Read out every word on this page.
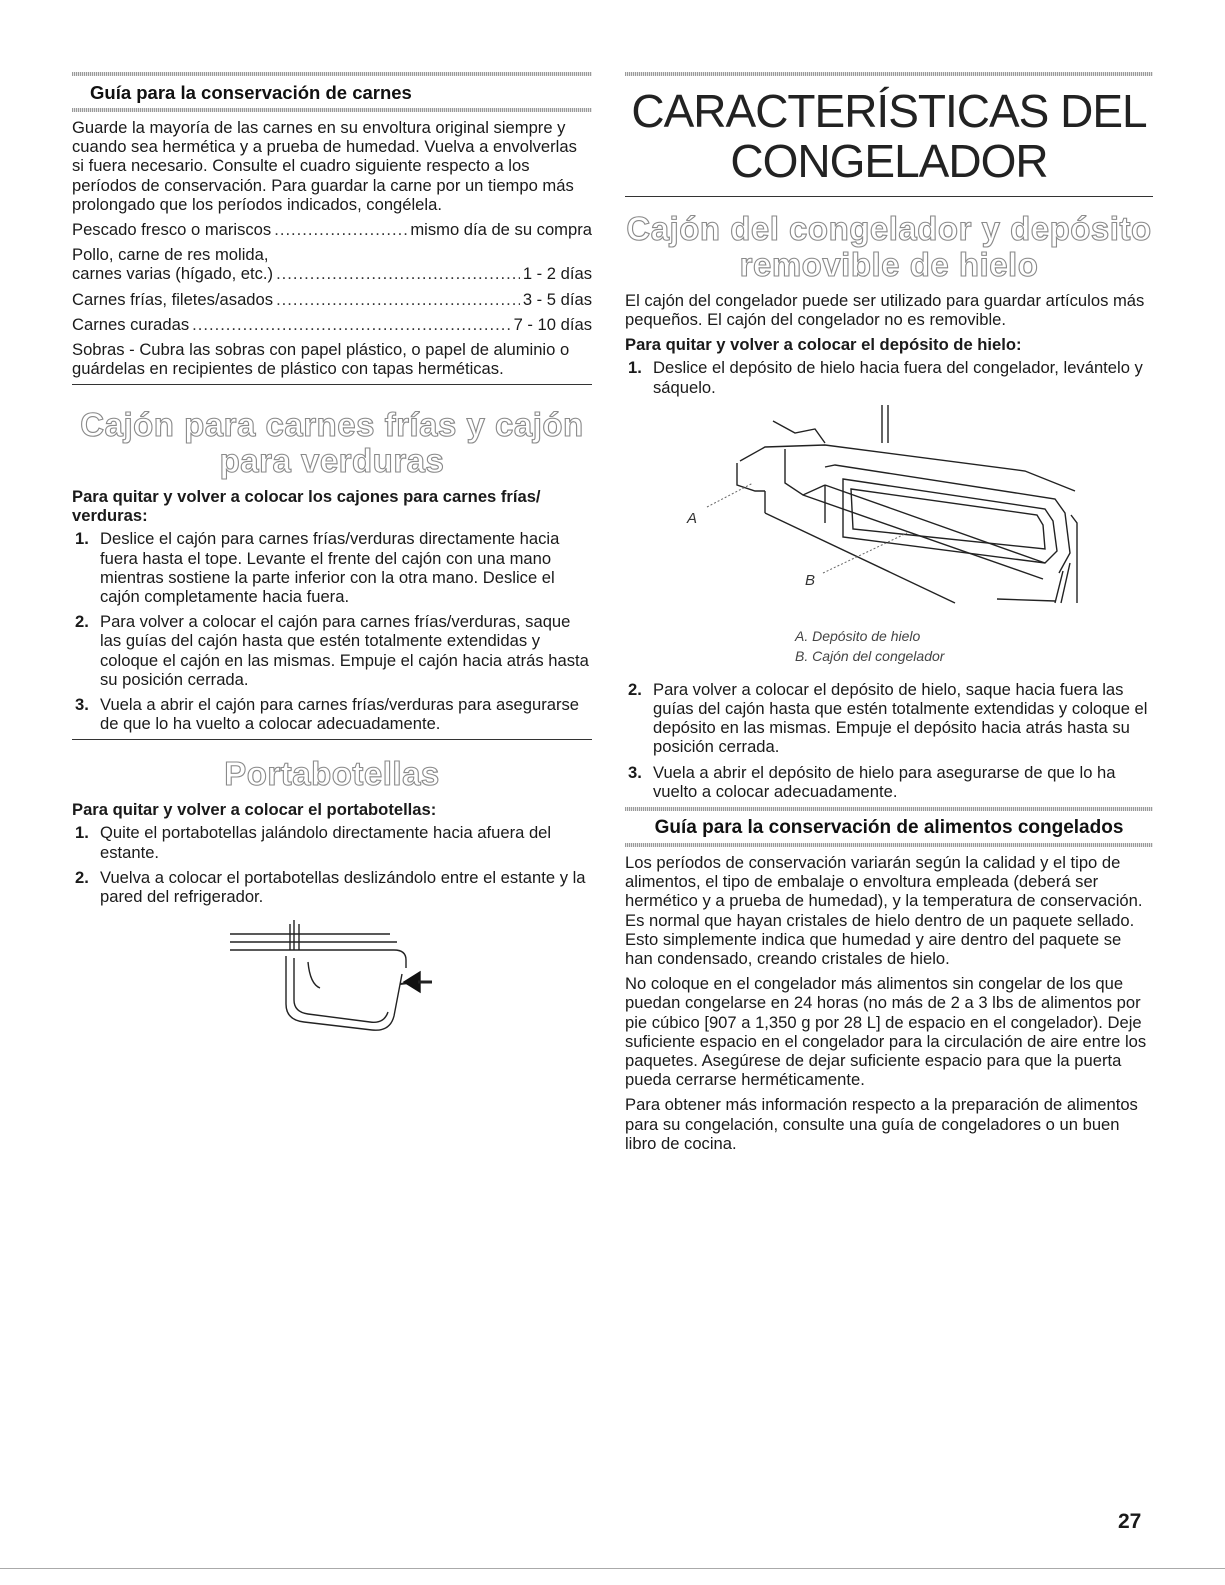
Guía para la conservación de carnes

Guarde la mayoría de las carnes en su envoltura original siempre y cuando sea hermética y a prueba de humedad. Vuelva a envolverlas si fuera necesario. Consulte el cuadro siguiente respecto a los períodos de conservación. Para guardar la carne por un tiempo más prolongado que los períodos indicados, congélela.

Pescado fresco o mariscos .....	mismo día de su compra

Pollo, carne de res molida,

carnes varias (hígado, etc.) .....	1 - 2 días
Carnes frías, filetes/asados .....	3 - 5 días
Carnes curadas .....	7 - 10 días

Sobras - Cubra las sobras con papel plástico, o papel de aluminio o guárdelas en recipientes de plástico con tapas herméticas.

Cajón para carnes frías y cajón
para verduras
Para quitar y volver a colocar los cajones para carnes frías/ verduras:
1. Deslice el cajón para carnes frías/verduras directamente hacia fuera hasta el tope. Levante el frente del cajón con una mano mientras sostiene la parte inferior con la otra mano. Deslice el cajón completamente hacia fuera.
2. Para volver a colocar el cajón para carnes frías/verduras, saque las guías del cajón hasta que estén totalmente extendidas y coloque el cajón en las mismas. Empuje el cajón hacia atrás hasta su posición cerrada.
3. Vuela a abrir el cajón para carnes frías/verduras para asegurarse de que lo ha vuelto a colocar adecuadamente.
Portabotellas
Para quitar y volver a colocar el portabotellas:
1. Quite el portabotellas jalándolo directamente hacia afuera del estante.
2. Vuelva a colocar el portabotellas deslizándolo entre el estante y la pared del refrigerador.
CARACTERÍSTICAS DEL
CONGELADOR
Cajón del congelador y depósito
removible de hielo

El cajón del congelador puede ser utilizado para guardar artículos más pequeños. El cajón del congelador no es removible.

Para quitar y volver a colocar el depósito de hielo:
1. Deslice el depósito de hielo hacia fuera del congelador, levántelo y sáquelo.
A
B
A. Depósito de hielo
B. Cajón del congelador
2. Para volver a colocar el depósito de hielo, saque hacia fuera las guías del cajón hasta que estén totalmente extendidas y coloque el depósito en las mismas. Empuje el depósito hacia atrás hasta su posición cerrada.
3. Vuela a abrir el depósito de hielo para asegurarse de que lo ha vuelto a colocar adecuadamente.
Guía para la conservación de alimentos congelados

Los períodos de conservación variarán según la calidad y el tipo de alimentos, el tipo de embalaje o envoltura empleada (deberá ser hermético y a prueba de humedad), y la temperatura de conservación. Es normal que hayan cristales de hielo dentro de un paquete sellado. Esto simplemente indica que humedad y aire dentro del paquete se han condensado, creando cristales de hielo.

No coloque en el congelador más alimentos sin congelar de los que puedan congelarse en 24 horas (no más de 2 a 3 lbs de alimentos por pie cúbico [907 a 1,350 g por 28 L] de espacio en el congelador). Deje suficiente espacio en el congelador para la circulación de aire entre los paquetes. Asegúrese de dejar suficiente espacio para que la puerta pueda cerrarse herméticamente.

Para obtener más información respecto a la preparación de alimentos para su congelación, consulte una guía de congeladores o un buen libro de cocina.

27
